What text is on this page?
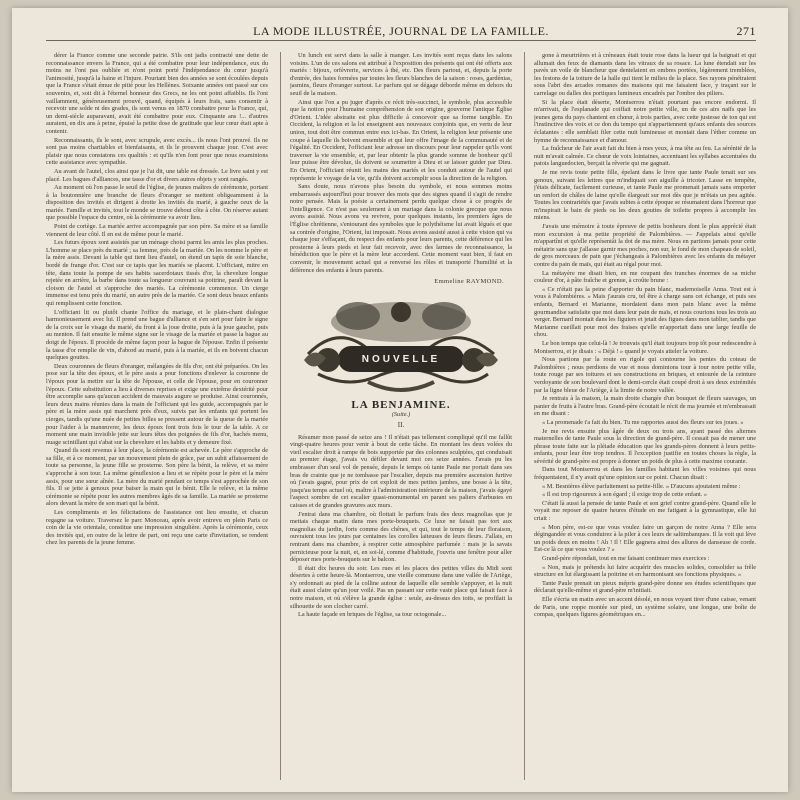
LA MODE ILLUSTRÉE, JOURNAL DE LA FAMILLE.	271

dérer la France comme une seconde patrie. S'ils ont jadis contracté une dette de reconnaissance envers la France, qui a été combattre pour leur indépendance, eux du moins ne l'ont pas oubliée et n'ont point porté l'indépendance du cœur jusqu'à l'animosité, jusqu'à la haine et l'injure. Pourtant bien des années se sont écoulées depuis que la France s'était émue de pitié pour les Hellènes. Soixante années ont passé sur ces souvenirs, et, soit dit à l'éternel honneur des Grecs, ne les ont point affaiblis. Ils l'ont vaillamment, généreusement prouvé, quand, équipés à leurs frais, sans consentir à recevoir une solde ni des grades, ils sont venus en 1870 combattre pour la France, qui, un demi-siècle auparavant, avait été combattre pour eux. Cinquante ans !... d'autres auraient, en dix ans à peine, épuisé la petite dose de gratitude que leur cœur était apte à contenir.

Reconnaissants, ils le sont, avec scrupule, avec excès... ils nous l'ont prouvé. Ils ne sont pas moins charitables et bienfaisants, et ils le prouvent chaque jour. C'est avec plaisir que nous constatons ces qualités : et qu'ils n'en font pour que nous examinions cette assistance avec sympathie.

Au avant de l'autel, clos ainsi que je l'ai dit, une table est dressée. Le livre saint y est placé. Les bagues d'alliances, une tasse d'or et divers autres objets y sont rangés.

Au moment où l'on passe le seuil de l'église, de jeunes maîtres de cérémonie, portant à la boutonnière une branche de fleurs d'oranger se mettent obligeamment à la disposition des invités et dirigent à droite les invités du marié, à gauche ceux de la mariée. Famille et invités, tout le monde se trouve debout côte à côte. On réserve autant que possible l'espace du centre, où la cérémonie va avoir lieu.

Point de cortège. La mariée arrive accompagnée par son père. Sa mère et sa famille viennent de leur côté. Il en est de même pour le marié.

Les futurs époux sont assistés par un ménage choisi parmi les amis les plus proches. L'homme se place près du marié ; sa femme, près de la mariée. On les nomme le père et la mère assis. Devant la table qui tient lieu d'autel, on étend un tapis de soie blanche, bordé de frange d'or. C'est sur ce tapis que les mariés se placent. L'officiant, mitre en tête, dans toute la pompe de ses habits sacerdotaux tissés d'or, la chevelure longue rejetée en arrière, la barbe dans toute sa longueur couvrant sa poitrine, paraît devant la cloison de l'autel et s'approche des mariés. La cérémonie commence. Un cierge immense est tenu près du marié, un autre près de la mariée. Ce sont deux beaux enfants qui remplissent cette fonction.

L'officiant lit ou plutôt chante l'office du mariage, et le plain-chant dialogue harmonieusement avec lui. Il prend une bague d'alliance et s'en sert pour faire le signe de la croix sur le visage du marié, du front à la joue droite, puis à la joue gauche, puis au menton. Il fait ensuite le même signe sur le visage de la mariée et passe la bague au doigt de l'époux. Il procède de même façon pour la bague de l'épouse. Enfin il présente la tasse d'or remplie de vin, d'abord au marié, puis à la mariée, et ils en boivent chacun quelques gouttes.

Deux couronnes de fleurs d'oranger, mélangées de fils d'or, ont été préparées. On les pose sur la tête des époux, et le père assis a pour fonctions d'enlever la couronne de l'époux pour la mettre sur la tête de l'épouse, et celle de l'épouse, pour en couronner l'époux. Cette substitution a lieu à diverses reprises et exige une extrême dextérité pour être accomplie sans qu'aucun accident de mauvais augure se produise. Ainsi couronnés, leurs deux mains réunies dans la main de l'officiant qui les guide, accompagnés par le père et la mère assis qui marchent près d'eux, suivis par les enfants qui portent les cierges, tandis qu'une nuée de petites billes se pressent autour de la queue de la mariée pour l'aider à la manœuvrer, les deux époux font trois fois le tour de la table. A ce moment une main invisible jette sur leurs têtes des poignées de fils d'or, hachés menu, nuage scintillant qui s'abat sur la chevelure et les habits et y demeure fixé.

Quand ils sont revenus à leur place, la cérémonie est achevée. Le père s'approche de sa fille, et à ce moment, par un mouvement plein de grâce, par un subit affaissement de toute sa personne, la jeune fille se prosterne. Son père la bénit, la relève, et sa mère s'approche à son tour. La même génuflexion a lieu et se répète pour le père et la mère assis, pour une sœur aînée. La mère du marié pendant ce temps s'est approchée de son fils. Il se jette à genoux pour baiser la main qui le bénit. Elle le relève, et la même cérémonie se répète pour les autres membres âgés de sa famille. La mariée se prosterne alors devant la mère de son mari qui la bénit.

Les compliments et les félicitations de l'assistance ont lieu ensuite, et chacun regagne sa voiture. Traversez le parc Monceau, après avoir entrevu en plein Paris ce coin de la vie orientale, constitue une impression singulière. Après la cérémonie, ceux des invités qui, en outre de la lettre de part, ont reçu une carte d'invitation, se rendent chez les parents de la jeune femme.

Un lunch est servi dans la salle à manger. Les invités sont reçus dans les salons voisins. L'un de ces salons est attribué à l'exposition des présents qui ont été offerts aux mariés : bijoux, orfèvrerie, services à thé, etc. Des fleurs partout, et, depuis la porte d'entrée, des haies formées par toutes les fleurs blanches de la saison : roses, gardénias, jasmins, fleurs d'oranger surtout. Le parfum qui se dégage déborde même en dehors du seuil de la maison.

Ainsi que l'on a pu juger d'après ce récit très-succinct, le symbole, plus accessible que la notion pour l'humaine compréhension de son origine, gouverne l'antique Église d'Orient. L'idée abstraite est plus difficile à concevoir que sa forme tangible. En Occident, la religion et la loi enseignent aux nouveaux conjoints que, en vertu de leur union, tout doit être commun entre eux ici-bas. En Orient, la religion leur présente une coupe à laquelle ils boivent ensemble et qui leur offre l'image de la communauté et de l'égalité. En Occident, l'officiant leur adresse un discours pour leur rappeler qu'ils vont traverser la vie ensemble, et, par leur obtenir la plus grande somme de bonheur qu'il leur puisse être dévolue, ils doivent se soumettre à Dieu et se laisser guider par Dieu. En Orient, l'officiant réunit les mains des mariés et les conduit autour de l'autel qui représente le voyage de la vie, qu'ils doivent accomplir sous la direction de la religion.

Sans doute, nous n'avons plus besoin du symbole, et nous sommes moins embarrassés aujourd'hui pour trouver des mots que des signes quand il s'agit de rendre notre pensée. Mais la poésie a certainement perdu quelque chose à ce progrès de l'intelligence. Ce n'est pas seulement à un mariage dans la colonie grecque que nous avons assisté. Nous avons vu revivre, pour quelques instants, les premiers âges de l'Église chrétienne, s'entourant des symboles que le polythéisme lui avait légués et que sa contrée d'origine, l'Orient, lui imposait. Nous avons assisté aussi à cette vision qui va chaque jour s'effaçant, du respect des enfants pour leurs parents, cette déférence qui les prosterne à leurs pieds et leur fait recevoir, avec des larmes de reconnaissance, la bénédiction que le père et la mère leur accordent. Cette moment vaut bien, il faut en convenir, le mouvement actuel qui a renversé les rôles et transporté l'humilité et la déférence des enfants à leurs parents.

Emmeline RAYMOND.
NOUVELLE
LA BENJAMINE.
(Suite.)
II.

Résumer mon passé de seize ans ! Il n'était pas tellement compliqué qu'il me fallût vingt-quatre heures pour venir à bout de cette tâche. En montant les deux volées du vieil escalier droit à rampe de bois supportée par des colonnes sculptées, qui conduisait au premier étage, j'avais vu défiler devant moi ces seize années. J'avais pu les embrasser d'un seul vol de pensée, depuis le temps où tante Paule me portait dans ses bras de crainte que je ne tombasse par l'escalier, depuis ma première ascension furtive où j'avais gagné, pour prix de cet exploit de mes petites jambes, une bosse à la tête, jusqu'au temps actuel où, maître à l'administration intérieure de la maison, j'avais égayé l'aspect sombre de cet escalier quasi-monumental en parant ses paliers d'arbustes en caisses et de grandes gravures aux murs.

J'entrai dans ma chambre, où flottait le parfum frais des deux magnolias que je mettais chaque matin dans mes porte-bouquets. Ce luxe ne faisait pas tort aux magnolias du jardin, forts comme des chênes, et qui, tout le temps de leur floraison, ouvraient tous les jours par centaines les corolles laiteuses de leurs fleurs. J'allais, en rentrant dans ma chambre, à respirer cette atmosphère parfumée : mais je la savais pernicieuse pour la nuit, et, en soi-lé, comme d'habitude, j'ouvris une fenêtre pour aller déposer mes porte-bouquets sur le balcon.

Il était dix heures du soir. Les rues et les places des petites villes du Midi sont désertes à cette heure-là. Montserrou, une vieille commune dans une vallée de l'Ariège, s'y ordonnait au pied de la colline autour de laquelle elle semble s'appuyer, et la nuit était aussi claire qu'un jour voilé. Pas un passant sur cette vaste place qui faisait face à notre maison, et où s'élève la grande église : seule, au-dessus des toits, se profilait la silhouette de son clocher carré.

La haute façade en briques de l'église, sa tour octogonale...

gone à meurtrières et à créneaux était toute rose dans la lueur qui la baignait et qui allumait des feux de diamants dans les vitraux de sa rosace. La lune étendait sur les pavés un voile de blancheur que dentelaient en ombres portées, légèrement tremblées, les festons de la toiture de la halle qui tient le milieu de la place. Ses rayons pénétraient sous l'abri des arcades romanes des maisons qui me faisaient face, y traçant sur le carrelage ou dalles des portiques lumineux encadrés par l'ombre des piliers.

Si la place était déserte, Montserrou n'était pourtant pas encore endormi. Il m'arrivait, de l'esplanade qui coiffait notre petite ville, un de ces airs naïfs que les jeunes gens du pays chantent en chœur, à trois parties, avec cette justesse de ton qui est l'instinctive des voix et ce don du tempo qui n'appartiennent qu'aux enfants des sources éclatantes : elle semblait filer cette nuit lumineuse et montait dans l'éther comme un hymne de reconnaissance et d'amour.

La fraîcheur de l'air avait fait du bien à mes yeux, à ma tête au feu. La sérénité de la nuit m'avait calmée. Ce chœur de voix lointaines, accentuant les syllabes accentuées du patois languedocien, berçait la rêverie qui me gagnait.

Je me revis toute petite fille, épelant dans le livre que tante Paule tenait sur ses genoux, suivant les lettres que m'indiquait son aiguille à tricoter. Lasse en tempête, j'étais délicate, facilement curieuse, et tante Paule me promenait jamais sans emporter un renfort de châles de laine qu'elle élargeait sur moi dès que je m'étais un peu agitée. Toutes les contrariétés que j'avais subies à cette époque se résumaient dans l'horreur que m'inspirait le bain de pieds ou les deux gouttes de toilette propres à accomplir les miens.

J'avais une mémoire à toute épreuve de petits bonheurs dont le plus apprécié était mon excursion à ma petite propriété de Palombières. — J'appelais ainsi qu'elle m'appartînt et qu'elle représentât la dot de ma mère. Nous en partions jamais pour cette métairie sans que j'allasse garnir mes poches, non sur, le fond de mon chapeau de soleil, de gros morceaux de pain que j'échangeais à Palombières avec les enfants du métayer contre du pain de maïs, qui était au régal pour moi.

La métayère me disait bien, en me coupant des tranches énormes de sa miche couleur d'or, à pâte fraîche et grenue, à croûte brune :

« Ce n'était pas la peine d'apporter du pain blanc, mademoiselle Anna. Tout est à vous à Palombières. » Mais j'aurais cru, tel être à charge sans cet échange, et puis ses enfants, Bernard et Marianne, mordaient dans mon pain blanc avec la même gourmandise satisfaite que moi dans leur pain de maïs, et nous courions tous les trois au verger. Bernard montait dans les figuiers et jetait des figues dans mon tablier, tandis que Marianne cueillait pour moi des fraises qu'elle m'apportait dans une large feuille de chou.

Le bon temps que celui-là ! Je trouvais qu'il était toujours trop tôt pour redescendre à Montserrou, et je disais : « Déjà ! » quand je voyais atteler la voiture.

Nous partions par la route en rigole qui contourne les pentes du coteau de Palombières ; nous perdions de vue et nous dominions tour à tour notre petite ville, toute rouge par ses toitures et ses constructions en briques, et entourée de la ceinture verdoyante de son boulevard dont le demi-cercle était coupé droit à ses deux extrémités par la ligne bleue de l'Ariège, à la limite de notre vallée.

Je rentrais à la maison, la main droite chargée d'un bouquet de fleurs sauvages, un panier de fruits à l'autre bras. Grand-père écoutait le récit de ma journée et m'embrassait en me disant :

« La promenade t'a fait du bien. Tu me rapportes aussi des fleurs sur tes joues. »

Je me revis ensuite plus âgée de deux ou trois ans, ayant passé des alternes maternelles de tante Paule sous la direction de grand-père. Il cessait pas de mener une phrase toute faite sur la pléiade éducation que les grands-pères donnent à leurs petits-enfants, pour leur être trop tendres. Il l'exception justifie en toutes choses la règle, la sévérité de grand-père est propre à donner un poids de plus à cette maxime courante.

Dans tout Montserrou et dans les familles habitant les villes voisines qui nous fréquentaient, il n'y avait qu'une opinion sur ce point. Chacun disait :

« M. Besnières élève parfaitement sa petite-fille. » D'aucuns ajoutaient même :

« Il est trop rigoureux à son égard ; il exige trop de cette enfant. »

C'était là aussi la pensée de tante Paule et son grief contre grand-père. Quand elle le voyait me reposer de quatre heures d'étude en me fatigant à la gymnastique, elle lui criait :

« Mon père, est-ce que vous voulez faire un garçon de notre Anna ? Elle sera dégingandée et vous conduirez à la piler à ces leurs de saltimbanques. Il la voit qui lève un poids deux en moins ! Ah ! Il ! Elle gagnera ainsi des allures de danseuse de corde. Est-ce là ce que vous voulez ? »

Grand-père répondait, tout en me faisant continuer mes exercices :

« Non, mais je prétends lui faire acquérir des muscles solides, consolider sa frêle structure en lui élargissant la poitrine et en harmonisant ses fonctions physiques. »

Tante Paule prenait un pieux mépris grand-père donne ses études scientifiques que déclarait qu'elle-même et grand-père m'initiait.

Elle s'écria un matin avec un accent désolé, en nous voyant tirer d'une caisse, venant de Paris, une roppe montée sur pied, un système solaire, une longue, une boîte de compas, quelques figures géométriques en...
